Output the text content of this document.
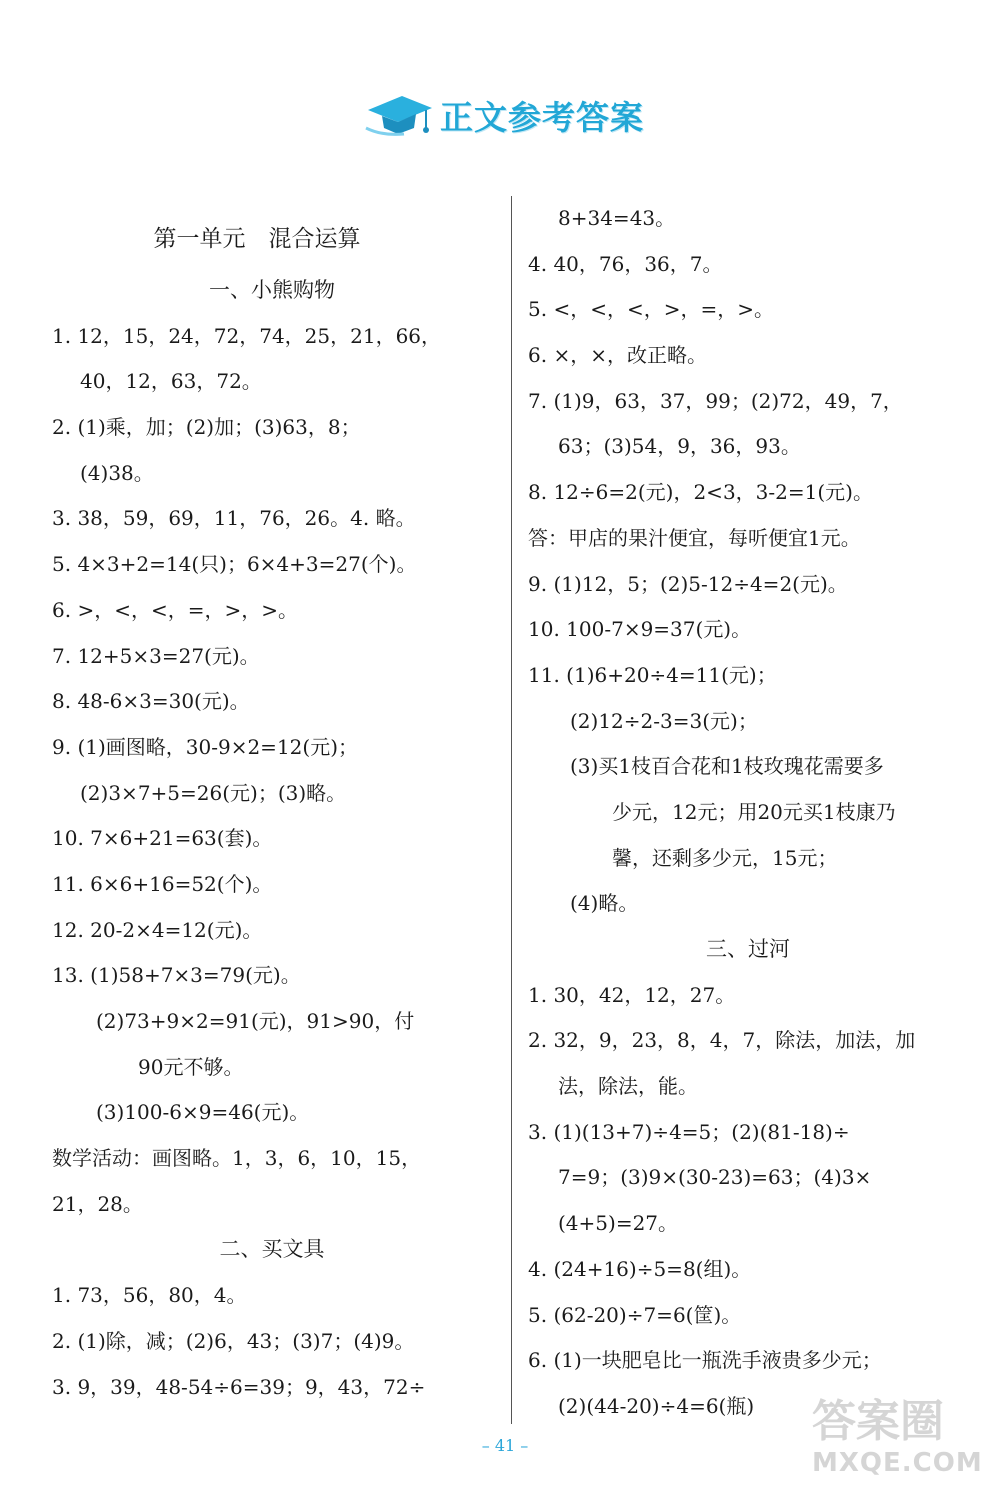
正文参考答案
第一单元　混合运算
一、小熊购物
1. 12，15，24，72，74，25，21，66，
40，12，63，72。
2. (1)乘，加；(2)加；(3)63，8；
(4)38。
3. 38，59，69，11，76，26。4. 略。
5. 4×3+2=14(只)；6×4+3=27(个)。
6. >，<，<，=，>，>。
7. 12+5×3=27(元)。
8. 48-6×3=30(元)。
9. (1)画图略，30-9×2=12(元)；
(2)3×7+5=26(元)；(3)略。
10. 7×6+21=63(套)。
11. 6×6+16=52(个)。
12. 20-2×4=12(元)。
13. (1)58+7×3=79(元)。
(2)73+9×2=91(元)，91>90，付
90元不够。
(3)100-6×9=46(元)。
数学活动：画图略。1，3，6，10，15，
21，28。
二、买文具
1. 73，56，80，4。
2. (1)除，减；(2)6，43；(3)7；(4)9。
3. 9，39，48-54÷6=39；9，43，72÷
8+34=43。
4. 40，76，36，7。
5. <，<，<，>，=，>。
6. ×，×，改正略。
7. (1)9，63，37，99；(2)72，49，7，
63；(3)54，9，36，93。
8. 12÷6=2(元)，2<3，3-2=1(元)。
答：甲店的果汁便宜，每听便宜1元。
9. (1)12，5；(2)5-12÷4=2(元)。
10. 100-7×9=37(元)。
11. (1)6+20÷4=11(元)；
(2)12÷2-3=3(元)；
(3)买1枝百合花和1枝玫瑰花需要多
少元，12元；用20元买1枝康乃
馨，还剩多少元，15元；
(4)略。
三、过河
1. 30，42，12，27。
2. 32，9，23，8，4，7，除法，加法，加
法，除法，能。
3. (1)(13+7)÷4=5；(2)(81-18)÷
7=9；(3)9×(30-23)=63；(4)3×
(4+5)=27。
4. (24+16)÷5=8(组)。
5. (62-20)÷7=6(筐)。
6. (1)一块肥皂比一瓶洗手液贵多少元；
(2)(44-20)÷4=6(瓶)
– 41 –	答案圈
MXQE.COM
